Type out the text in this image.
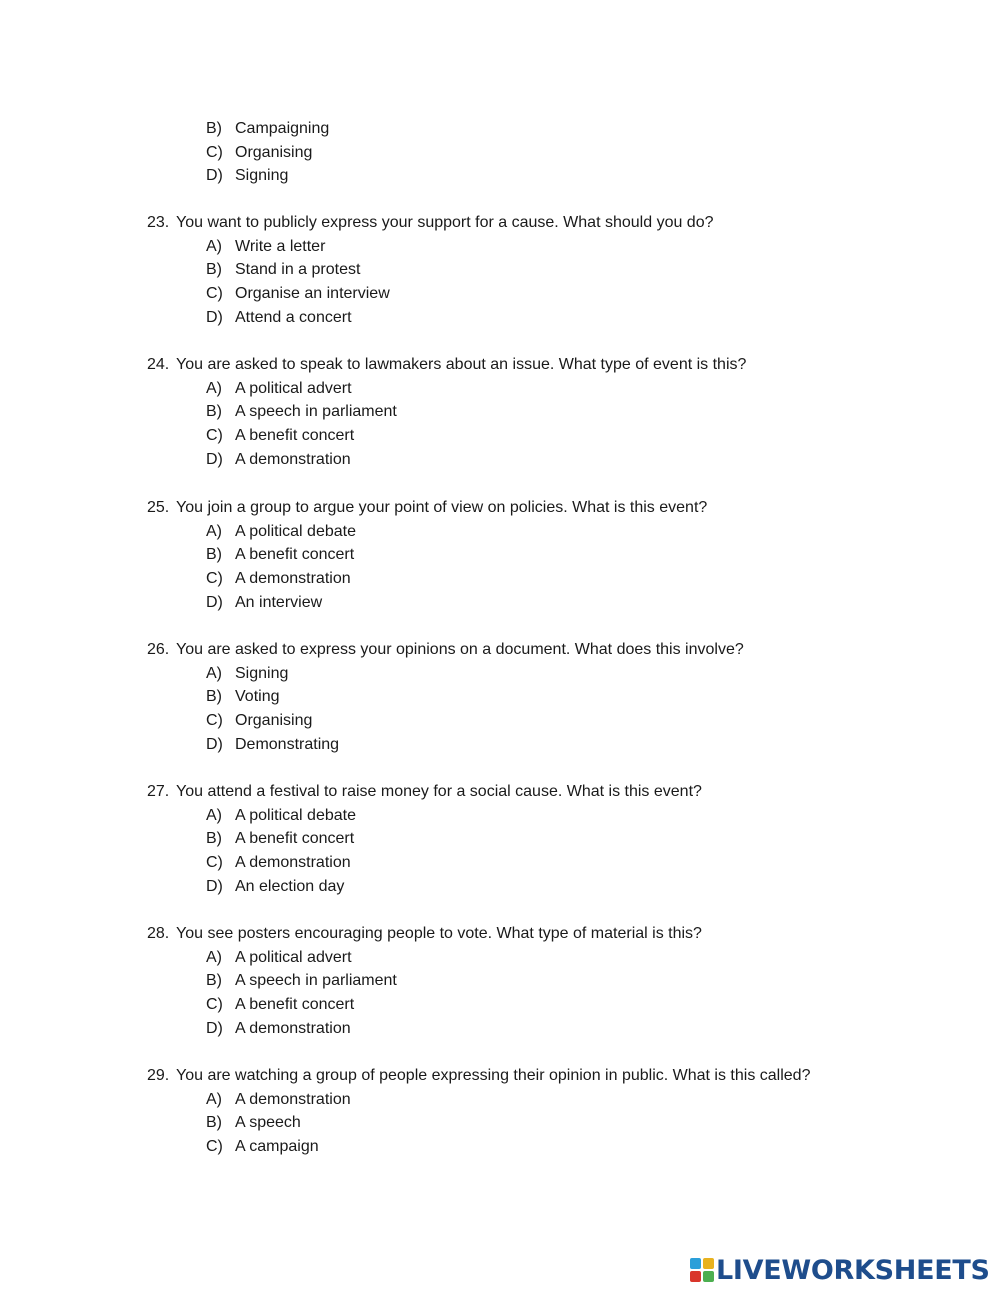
B) Campaigning
C) Organising
D) Signing
23. You want to publicly express your support for a cause. What should you do?
A) Write a letter
B) Stand in a protest
C) Organise an interview
D) Attend a concert
24. You are asked to speak to lawmakers about an issue. What type of event is this?
A) A political advert
B) A speech in parliament
C) A benefit concert
D) A demonstration
25. You join a group to argue your point of view on policies. What is this event?
A) A political debate
B) A benefit concert
C) A demonstration
D) An interview
26. You are asked to express your opinions on a document. What does this involve?
A) Signing
B) Voting
C) Organising
D) Demonstrating
27. You attend a festival to raise money for a social cause. What is this event?
A) A political debate
B) A benefit concert
C) A demonstration
D) An election day
28. You see posters encouraging people to vote. What type of material is this?
A) A political advert
B) A speech in parliament
C) A benefit concert
D) A demonstration
29. You are watching a group of people expressing their opinion in public. What is this called?
A) A demonstration
B) A speech
C) A campaign
LIVEWORKSHEETS
